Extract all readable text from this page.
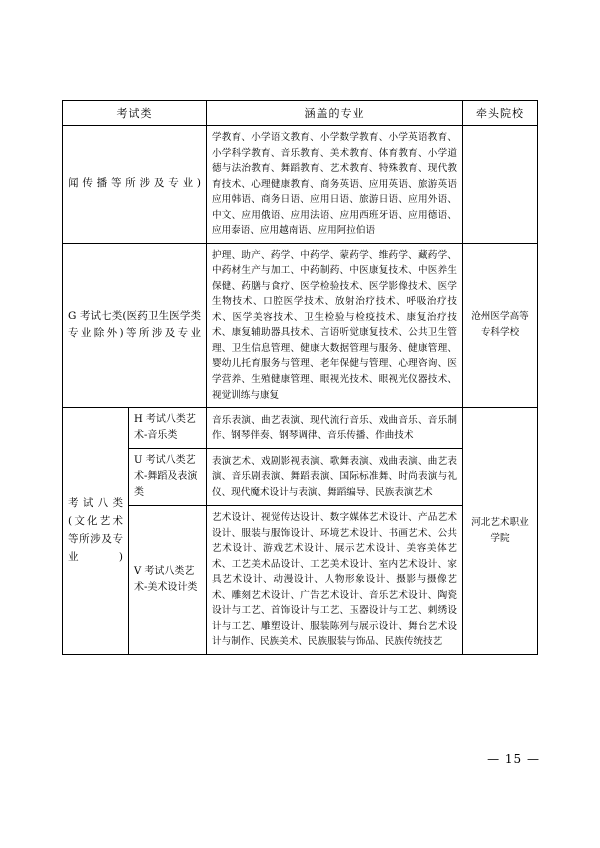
考试类		涵盖的专业	牵头院校
闻传播等所涉及专业)		学教育、小学语文教育、小学数学教育、小学英语教育、小学科学教育、音乐教育、美术教育、体育教育、小学道德与法治教育、舞蹈教育、艺术教育、特殊教育、现代教育技术、心理健康教育、商务英语、应用英语、旅游英语应用韩语、商务日语、应用日语、旅游日语、应用外语、中文、应用俄语、应用法语、应用西班牙语、应用德语、应用泰语、应用越南语、应用阿拉伯语	
G 考试七类(医药卫生医学类专业除外)等所涉及专业		护理、助产、药学、中药学、蒙药学、维药学、藏药学、中药材生产与加工、中药制药、中医康复技术、中医养生保健、药膳与食疗、医学检验技术、医学影像技术、医学生物技术、口腔医学技术、放射治疗技术、呼吸治疗技术、医学美容技术、卫生检验与检疫技术、康复治疗技术、康复辅助器具技术、言语听觉康复技术、公共卫生管理、卫生信息管理、健康大数据管理与服务、健康管理、婴幼儿托育服务与管理、老年保健与管理、心理咨询、医学营养、生殖健康管理、眼视光技术、眼视光仪器技术、视觉训练与康复	沧州医学高等专科学校
考试八类(文化艺术等所涉及专业)	H 考试八类艺术-音乐类	音乐表演、曲艺表演、现代流行音乐、戏曲音乐、音乐制作、钢琴伴奏、钢琴调律、音乐传播、作曲技术	河北艺术职业学院
	U 考试八类艺术-舞蹈及表演类	表演艺术、戏剧影视表演、歌舞表演、戏曲表演、曲艺表演、音乐剧表演、舞蹈表演、国际标准舞、时尚表演与礼仪、现代魔术设计与表演、舞蹈编导、民族表演艺术	
	V 考试八类艺术-美术设计类	艺术设计、视觉传达设计、数字媒体艺术设计、产品艺术设计、服装与服饰设计、环境艺术设计、书画艺术、公共艺术设计、游戏艺术设计、展示艺术设计、美容美体艺术、工艺美术品设计、工艺美术设计、室内艺术设计、家具艺术设计、动漫设计、人物形象设计、摄影与摄像艺术、雕刻艺术设计、广告艺术设计、音乐艺术设计、陶瓷设计与工艺、首饰设计与工艺、玉器设计与工艺、刺绣设计与工艺、雕塑设计、服装陈列与展示设计、舞台艺术设计与制作、民族美术、民族服装与饰品、民族传统技艺	
— 15 —
